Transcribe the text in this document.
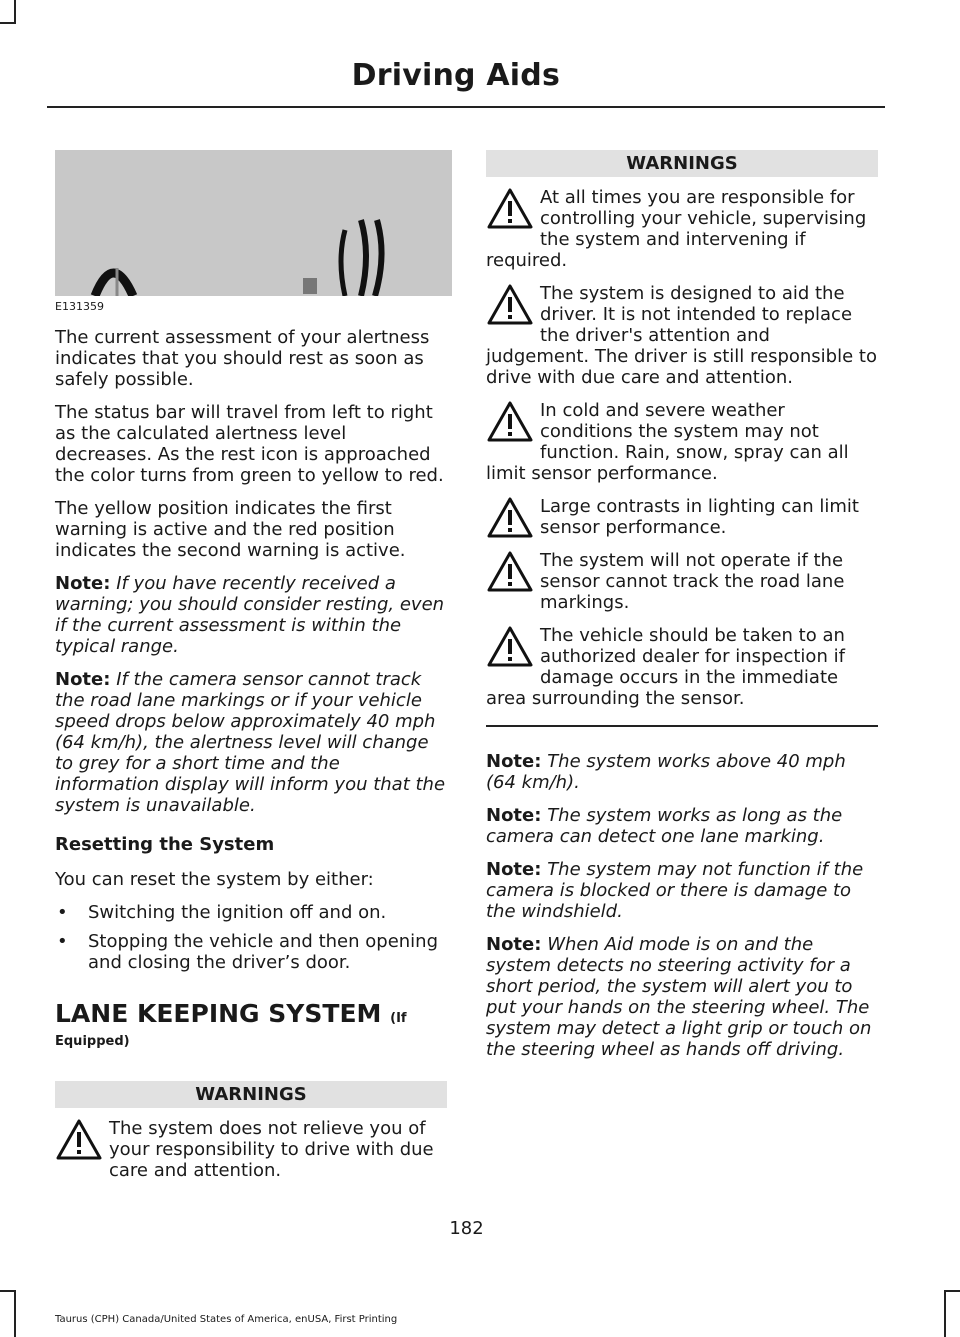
Driving Aids
E131359

The current assessment of your alertness indicates that you should rest as soon as safely possible.

The status bar will travel from left to right as the calculated alertness level decreases. As the rest icon is approached the color turns from green to yellow to red.

The yellow position indicates the first warning is active and the red position indicates the second warning is active.

Note: If you have recently received a warning; you should consider resting, even if the current assessment is within the typical range.

Note: If the camera sensor cannot track the road lane markings or if your vehicle speed drops below approximately 40 mph (64 km/h), the alertness level will change to grey for a short time and the information display will inform you that the system is unavailable.

Resetting the System

You can reset the system by either:

• Switching the ignition off and on.
• Stopping the vehicle and then opening and closing the driver’s door.
LANE KEEPING SYSTEM (If
Equipped)
WARNINGS
The system does not relieve you of your responsibility to drive with due care and attention.
WARNINGS
At all times you are responsible for controlling your vehicle, supervising the system and intervening if required.
The system is designed to aid the driver. It is not intended to replace the driver's attention and judgement. The driver is still responsible to drive with due care and attention.
In cold and severe weather conditions the system may not function. Rain, snow, spray can all limit sensor performance.
Large contrasts in lighting can limit sensor performance.
The system will not operate if the sensor cannot track the road lane markings.
The vehicle should be taken to an authorized dealer for inspection if damage occurs in the immediate area surrounding the sensor.

Note: The system works above 40 mph (64 km/h).

Note: The system works as long as the camera can detect one lane marking.

Note: The system may not function if the camera is blocked or there is damage to the windshield.

Note: When Aid mode is on and the system detects no steering activity for a short period, the system will alert you to put your hands on the steering wheel. The system may detect a light grip or touch on the steering wheel as hands off driving.

182
Taurus (CPH) Canada/United States of America, enUSA, First Printing
